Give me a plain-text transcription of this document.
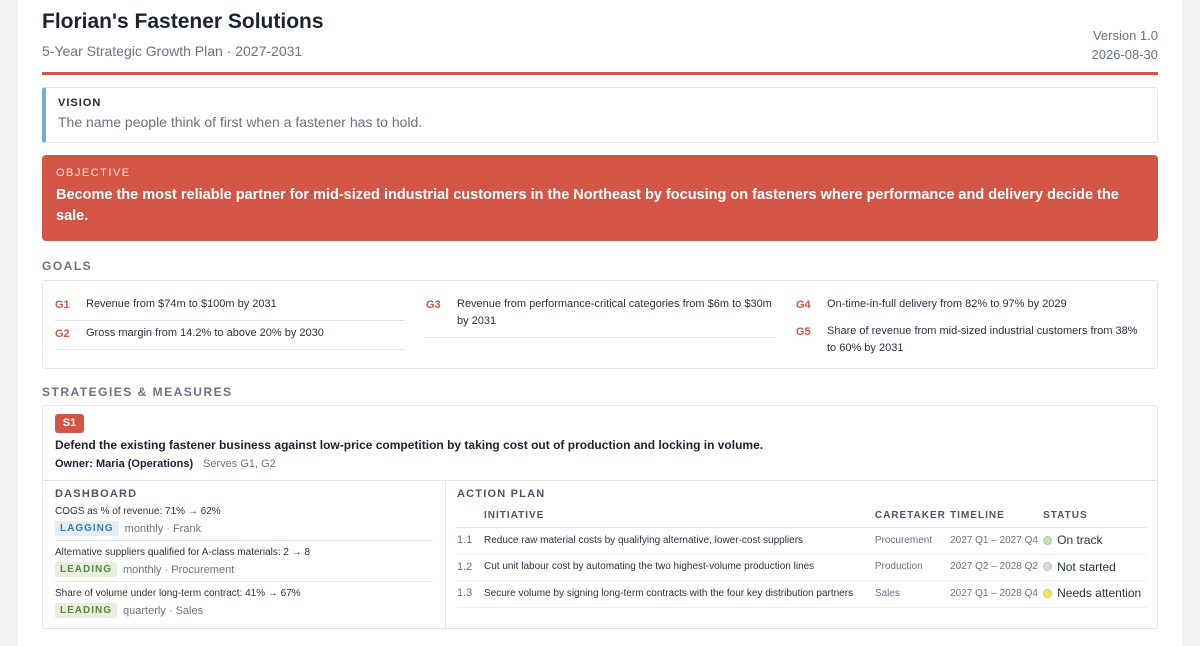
Florian's Fastener Solutions
5-Year Strategic Growth Plan · 2027-2031
Version 1.0
2026-08-30
VISION
The name people think of first when a fastener has to hold.
OBJECTIVE
Become the most reliable partner for mid-sized industrial customers in the Northeast by focusing on fasteners where performance and delivery decide the sale.
GOALS
G1	Revenue from $74m to $100m by 2031
G2	Gross margin from 14.2% to above 20% by 2030
G3	Revenue from performance-critical categories from $6m to $30m by 2031
G4	On-time-in-full delivery from 82% to 97% by 2029
G5	Share of revenue from mid-sized industrial customers from 38% to 60% by 2031
STRATEGIES & MEASURES
S1
Defend the existing fastener business against low-price competition by taking cost out of production and locking in volume.
Owner: Maria (Operations) Serves G1, G2
DASHBOARD
COGS as % of revenue: 71% → 62%
LAGGING	monthly · Frank
Alternative suppliers qualified for A-class materials: 2 → 8
LEADING	monthly · Procurement
Share of volume under long-term contract: 41% → 67%
LEADING	quarterly · Sales
ACTION PLAN
	INITIATIVE	CARETAKER	TIMELINE	STATUS
1.1	Reduce raw material costs by qualifying alternative, lower-cost suppliers	Procurement	2027 Q1 – 2027 Q4	On track

1.2	Cut unit labour cost by automating the two highest-volume production lines	Production	2027 Q2 – 2028 Q2	Not started

1.3	Secure volume by signing long-term contracts with the four key distribution partners	Sales	2027 Q1 – 2028 Q4	Needs attention
